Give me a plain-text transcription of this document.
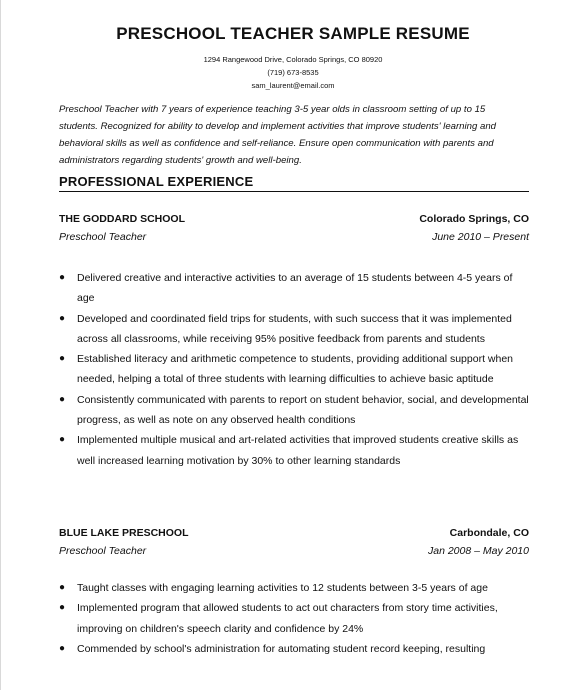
PRESCHOOL TEACHER SAMPLE RESUME
1294 Rangewood Drive, Colorado Springs, CO 80920
(719) 673-8535
sam_laurent@email.com
Preschool Teacher with 7 years of experience teaching 3-5 year olds in classroom setting of up to 15 students. Recognized for ability to develop and implement activities that improve students' learning and behavioral skills as well as confidence and self-reliance. Ensure open communication with parents and administrators regarding students' growth and well-being.
PROFESSIONAL EXPERIENCE
THE GODDARD SCHOOL	Colorado Springs, CO
Preschool Teacher	June 2010 – Present
● Delivered creative and interactive activities to an average of 15 students between 4-5 years of age
● Developed and coordinated field trips for students, with such success that it was implemented across all classrooms, while receiving 95% positive feedback from parents and students
● Established literacy and arithmetic competence to students, providing additional support when needed, helping a total of three students with learning difficulties to achieve basic aptitude
● Consistently communicated with parents to report on student behavior, social, and developmental progress, as well as note on any observed health conditions
● Implemented multiple musical and art-related activities that improved students creative skills as well increased learning motivation by 30% to other learning standards
BLUE LAKE PRESCHOOL	Carbondale, CO
Preschool Teacher	Jan 2008 – May 2010
● Taught classes with engaging learning activities to 12 students between 3-5 years of age
● Implemented program that allowed students to act out characters from story time activities, improving on children's speech clarity and confidence by 24%
● Commended by school's administration for automating student record keeping, resulting
